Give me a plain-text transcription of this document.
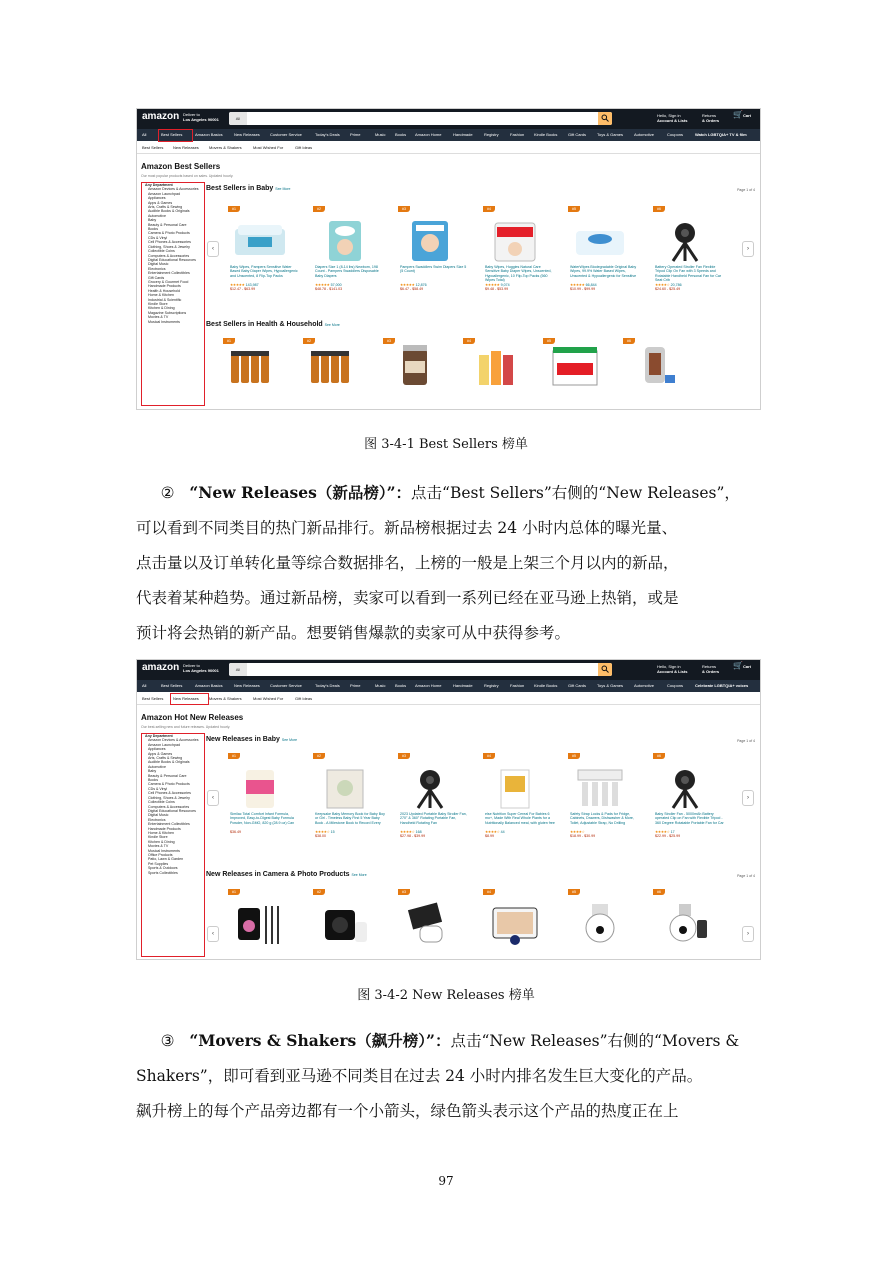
amazon Deliver to
Los Angeles 90001	All
Hello, Sign in
Account & Lists
Returns
& Orders
🛒Cart
All	Best Sellers	Amazon Basics	New Releases	Customer Service	Today's Deals	Prime	Music Books Amazon Home	Handmade	Registry	Fashion Kindle Books	Gift Cards	Toys & Games	Automotive	Coupons	Watch LGBTQIA+ TV & film
Best Sellers New Releases	Movers & Shakers	Most Wished For	Gift Ideas
Amazon Best Sellers
Our most popular products based on sales. Updated hourly.
Any Department
Amazon Devices & Accessories
Amazon Launchpad
Appliances
Apps & Games
Arts, Crafts & Sewing
Audible Books & Originals
Automotive
Baby
Beauty & Personal Care
Books
Camera & Photo Products
CDs & Vinyl
Cell Phones & Accessories
Clothing, Shoes & Jewelry
Collectible Coins
Computers & Accessories
Digital Educational Resources
Digital Music
Electronics
Entertainment Collectibles
Gift Cards
Grocery & Gourmet Food
Handmade Products
Health & Household
Home & Kitchen
Industrial & Scientific
Kindle Store
Kitchen & Dining
Magazine Subscriptions
Movies & TV
Musical Instruments
Best Sellers in Baby See More	Page 1 of 4
‹	›
#1
Baby Wipes, Pampers Sensitive Water Based Baby Diaper Wipes, Hypoallergenic and Unscented, 8 Flip-Top Packs
★★★★★ 143,987
$12.47 - $63.99
#2
Diapers Size 1 (8-14 lbs) Newborn, 198 Count - Pampers Swaddlers Disposable Baby Diapers
★★★★★ 57,000
$48.78 - $141.03
#3
Pampers Swaddlers Swim Diapers Size 5 (5 Count)
★★★★★ 12,876
$6.47 - $58.49
#4
Baby Wipes, Huggies Natural Care Sensitive Baby Diaper Wipes, Unscented, Hypoallergenic, 10 Flip-Top Packs (560 Wipes Total)
★★★★★ 9,074
$9.48 - $53.99
#5
WaterWipes Biodegradable Original Baby Wipes, 99.9% Water Based Wipes, Unscented & Hypoallergenic for Sensitive
★★★★★ 66,844
$10.99 - $99.99
#6
Battery Operated Stroller Fan Flexible Tripod Clip On Fan with 3 Speeds and Rotatable Handheld Personal Fan for Car Seat Crib
★★★★☆ 20,786
$24.60 - $25.49
Best Sellers in Health & Household See More
#1	#2	#3	#4	#5	#6
图 3-4-1 Best Sellers 榜单
② “New Releases（新品榜）”：点击“Best Sellers”右侧的“New Releases”，
可以看到不同类目的热门新品排行。新品榜根据过去 24 小时内总体的曝光量、
点击量以及订单转化量等综合数据排名，上榜的一般是上架三个月以内的新品，
代表着某种趋势。通过新品榜，卖家可以看到一系列已经在亚马逊上热销，或是
预计将会热销的新产品。想要销售爆款的卖家可从中获得参考。
amazon Deliver to
Los Angeles 90001	All
Hello, Sign in
Account & Lists
Returns
& Orders
🛒Cart
All	Best Sellers	Amazon Basics	New Releases	Customer Service	Today's Deals	Prime	Music Books Amazon Home	Handmade	Registry	Fashion Kindle Books	Gift Cards	Toys & Games	Automotive	Coupons	Celebrate LGBTQIA+ voices
Best Sellers New Releases	Movers & Shakers	Most Wished For	Gift Ideas
Amazon Hot New Releases
Our best-selling new and future releases. Updated hourly.
Any Department
Amazon Devices & Accessories
Amazon Launchpad
Appliances
Apps & Games
Arts, Crafts & Sewing
Audible Books & Originals
Automotive
Baby
Beauty & Personal Care
Books
Camera & Photo Products
CDs & Vinyl
Cell Phones & Accessories
Clothing, Shoes & Jewelry
Collectible Coins
Computers & Accessories
Digital Educational Resources
Digital Music
Electronics
Entertainment Collectibles
Handmade Products
Home & Kitchen
Kindle Store
Kitchen & Dining
Movies & TV
Musical Instruments
Office Products
Patio, Lawn & Garden
Pet Supplies
Sports & Outdoors
Sports Collectibles
New Releases in Baby See More	Page 1 of 4
‹	›
#1
Similac Total Comfort Infant Formula, Improved, Easy-to-Digest Baby Formula Powder, Non-GMO, 820 g (28.9 oz) Can
$36.49
#2
Keepsake Baby Memory Book for Baby Boy or Girl - Timeless Baby First 5 Year Baby Book - A Milestone Book to Record Every
★★★★☆ 15
$38.00
#3
2023 Updated Portable Baby Stroller Fan, 270° & 360° Rotating Portable Fan, Handheld Rotating Fan
★★★★☆ 168
$27.98 - $39.99
#4
else Nutrition Super Cereal For Babies 6 mo+, Made With Real Whole Plants for a Nutritionally Balanced meal, with gluten free
★★★★☆ 44
$8.99
#5
Safety Strap Locks & Pads for Fridge, Cabinets, Drawers, Dishwasher & More, Toilet, Adjustable Strap, No Drilling
★★★★☆
$18.99 - $30.99
#6
Baby Stroller Fan - 5000mAh Battery operated Clip on Fan with Flexible Tripod - 360 Degree Rotatable Portable Fan for Car
★★★★☆ 17
$22.99 - $25.99
New Releases in Camera & Photo Products See More	Page 1 of 4
‹	›
#1	#2	#3	#4	#5	#6
图 3-4-2 New Releases 榜单
③ “Movers & Shakers（飙升榜）”：点击“New Releases”右侧的“Movers &
Shakers”，即可看到亚马逊不同类目在过去 24 小时内排名发生巨大变化的产品。
飙升榜上的每个产品旁边都有一个小箭头，绿色箭头表示这个产品的热度正在上
97
